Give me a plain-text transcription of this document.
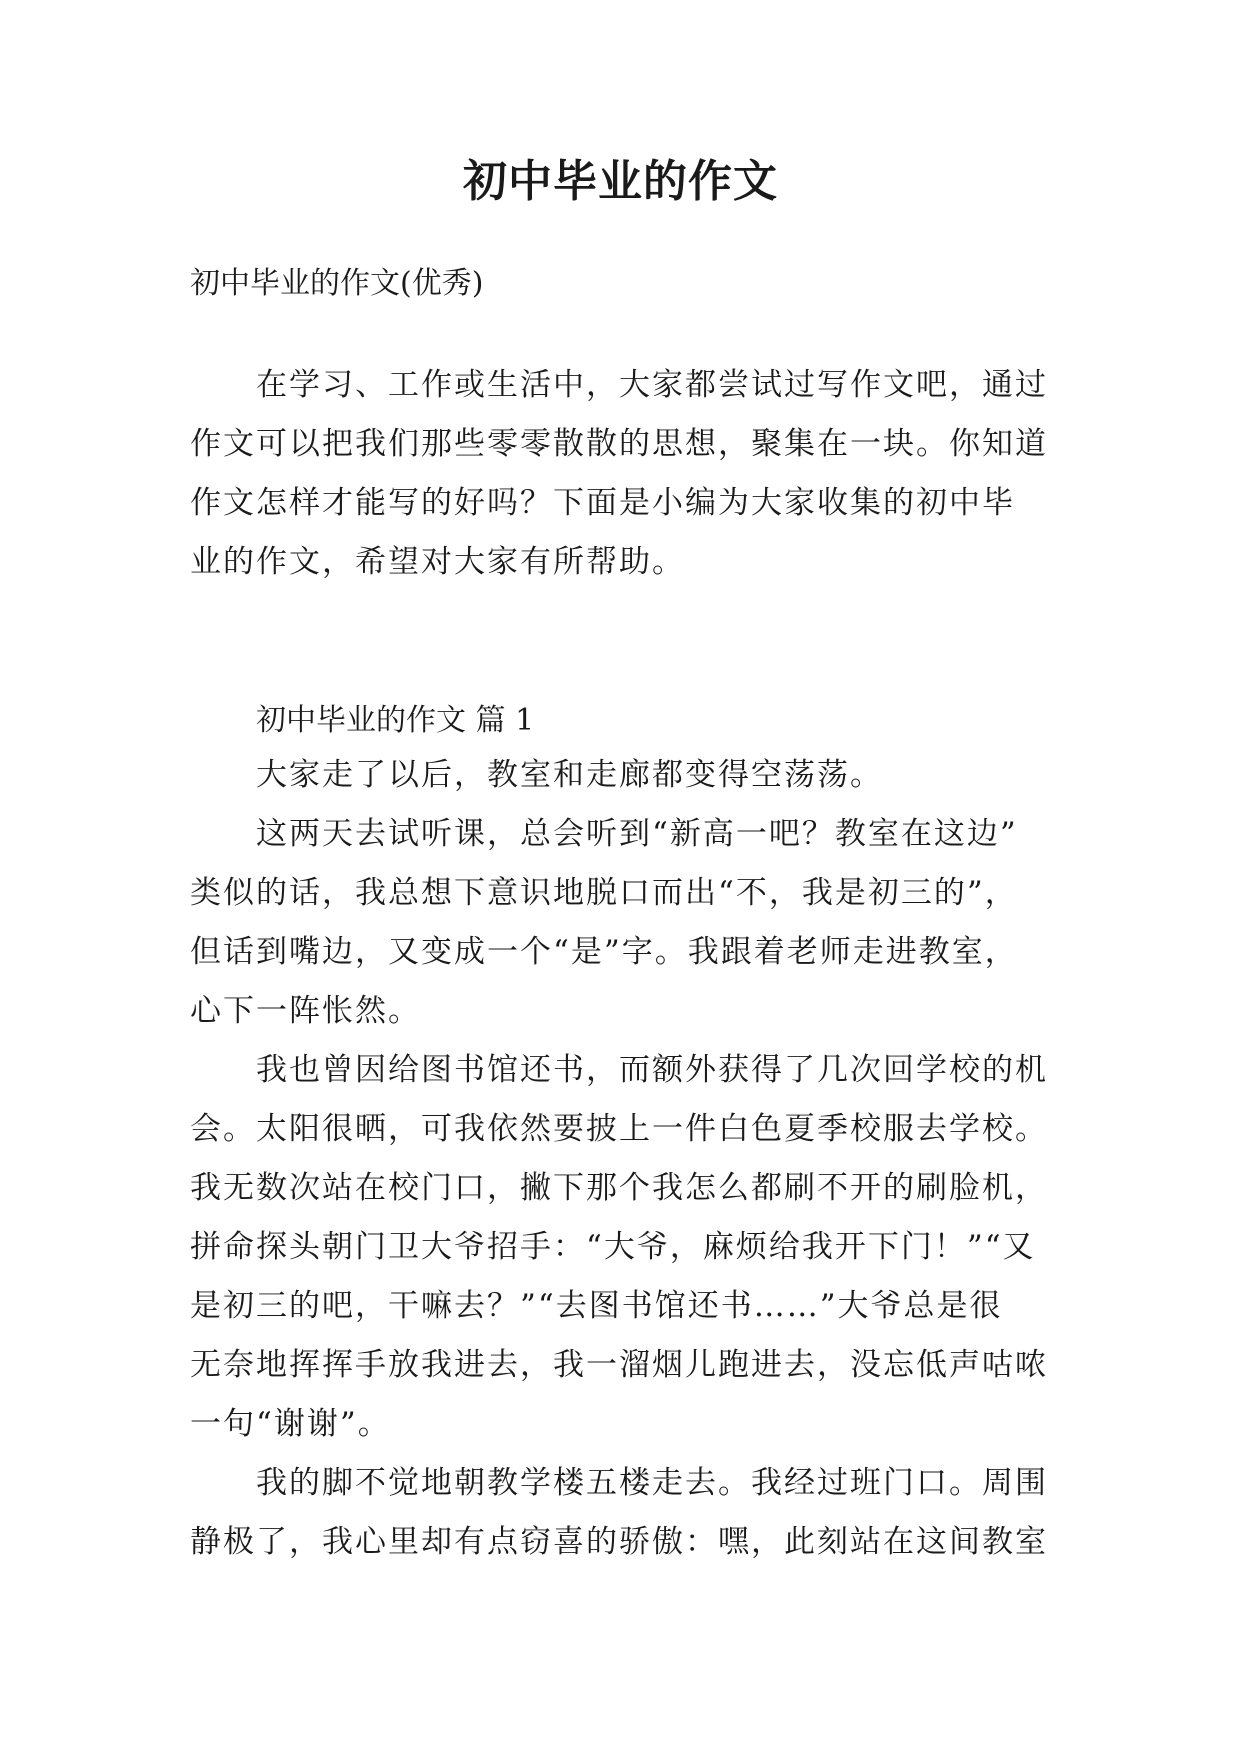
初中毕业的作文

初中毕业的作文(优秀)

在学习、工作或生活中，大家都尝试过写作文吧，通过
作文可以把我们那些零零散散的思想，聚集在一块。你知道
作文怎样才能写的好吗？下面是小编为大家收集的初中毕
业的作文，希望对大家有所帮助。

初中毕业的作文 篇 1

大家走了以后，教室和走廊都变得空荡荡。
这两天去试听课，总会听到“新高一吧？教室在这边”
类似的话，我总想下意识地脱口而出“不，我是初三的”，
但话到嘴边，又变成一个“是”字。我跟着老师走进教室，
心下一阵怅然。
我也曾因给图书馆还书，而额外获得了几次回学校的机
会。太阳很晒，可我依然要披上一件白色夏季校服去学校。
我无数次站在校门口，撇下那个我怎么都刷不开的刷脸机，
拼命探头朝门卫大爷招手：“大爷，麻烦给我开下门！”“又
是初三的吧，干嘛去？”“去图书馆还书……”大爷总是很
无奈地挥挥手放我进去，我一溜烟儿跑进去，没忘低声咕哝
一句“谢谢”。
我的脚不觉地朝教学楼五楼走去。我经过班门口。周围
静极了，我心里却有点窃喜的骄傲：嘿，此刻站在这间教室
